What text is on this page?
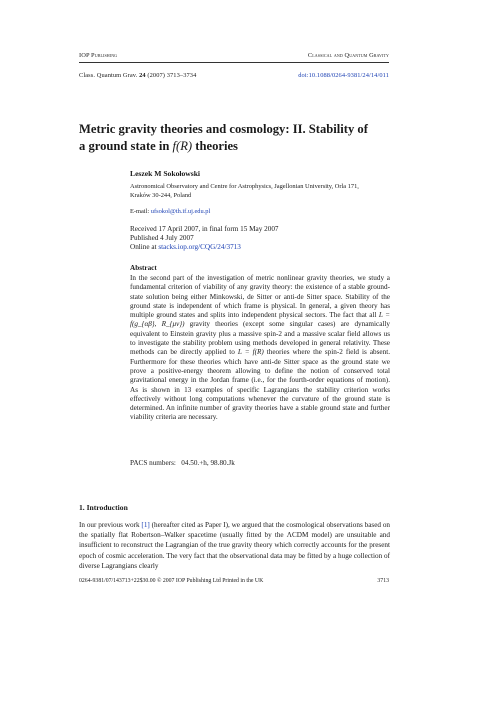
IOP Publishing	Classical and Quantum Gravity
Class. Quantum Grav. 24 (2007) 3713–3734	doi:10.1088/0264-9381/24/14/011
Metric gravity theories and cosmology: II. Stability of
a ground state in f(R) theories
Leszek M Sokołowski
Astronomical Observatory and Centre for Astrophysics, Jagellonian University, Orla 171,
Kraków 30-244, Poland
E-mail: ufsokol@th.if.uj.edu.pl
Received 17 April 2007, in final form 15 May 2007
Published 4 July 2007
Online at stacks.iop.org/CQG/24/3713
Abstract
In the second part of the investigation of metric nonlinear gravity theories, we study a fundamental criterion of viability of any gravity theory: the existence of a stable ground-state solution being either Minkowski, de Sitter or anti-de Sitter space. Stability of the ground state is independent of which frame is physical. In general, a given theory has multiple ground states and splits into independent physical sectors. The fact that all L = f(g_{αβ}, R_{μν}) gravity theories (except some singular cases) are dynamically equivalent to Einstein gravity plus a massive spin-2 and a massive scalar field allows us to investigate the stability problem using methods developed in general relativity. These methods can be directly applied to L = f(R) theories where the spin-2 field is absent. Furthermore for these theories which have anti-de Sitter space as the ground state we prove a positive-energy theorem allowing to define the notion of conserved total gravitational energy in the Jordan frame (i.e., for the fourth-order equations of motion). As is shown in 13 examples of specific Lagrangians the stability criterion works effectively without long computations whenever the curvature of the ground state is determined. An infinite number of gravity theories have a stable ground state and further viability criteria are necessary.
PACS numbers:   04.50.+h, 98.80.Jk
1. Introduction
In our previous work [1] (hereafter cited as Paper I), we argued that the cosmological observations based on the spatially flat Robertson–Walker spacetime (usually fitted by the ΛCDM model) are unsuitable and insufficient to reconstruct the Lagrangian of the true gravity theory which correctly accounts for the present epoch of cosmic acceleration. The very fact that the observational data may be fitted by a huge collection of diverse Lagrangians clearly
0264-9381/07/143713+22$30.00 © 2007 IOP Publishing Ltd Printed in the UK	3713
